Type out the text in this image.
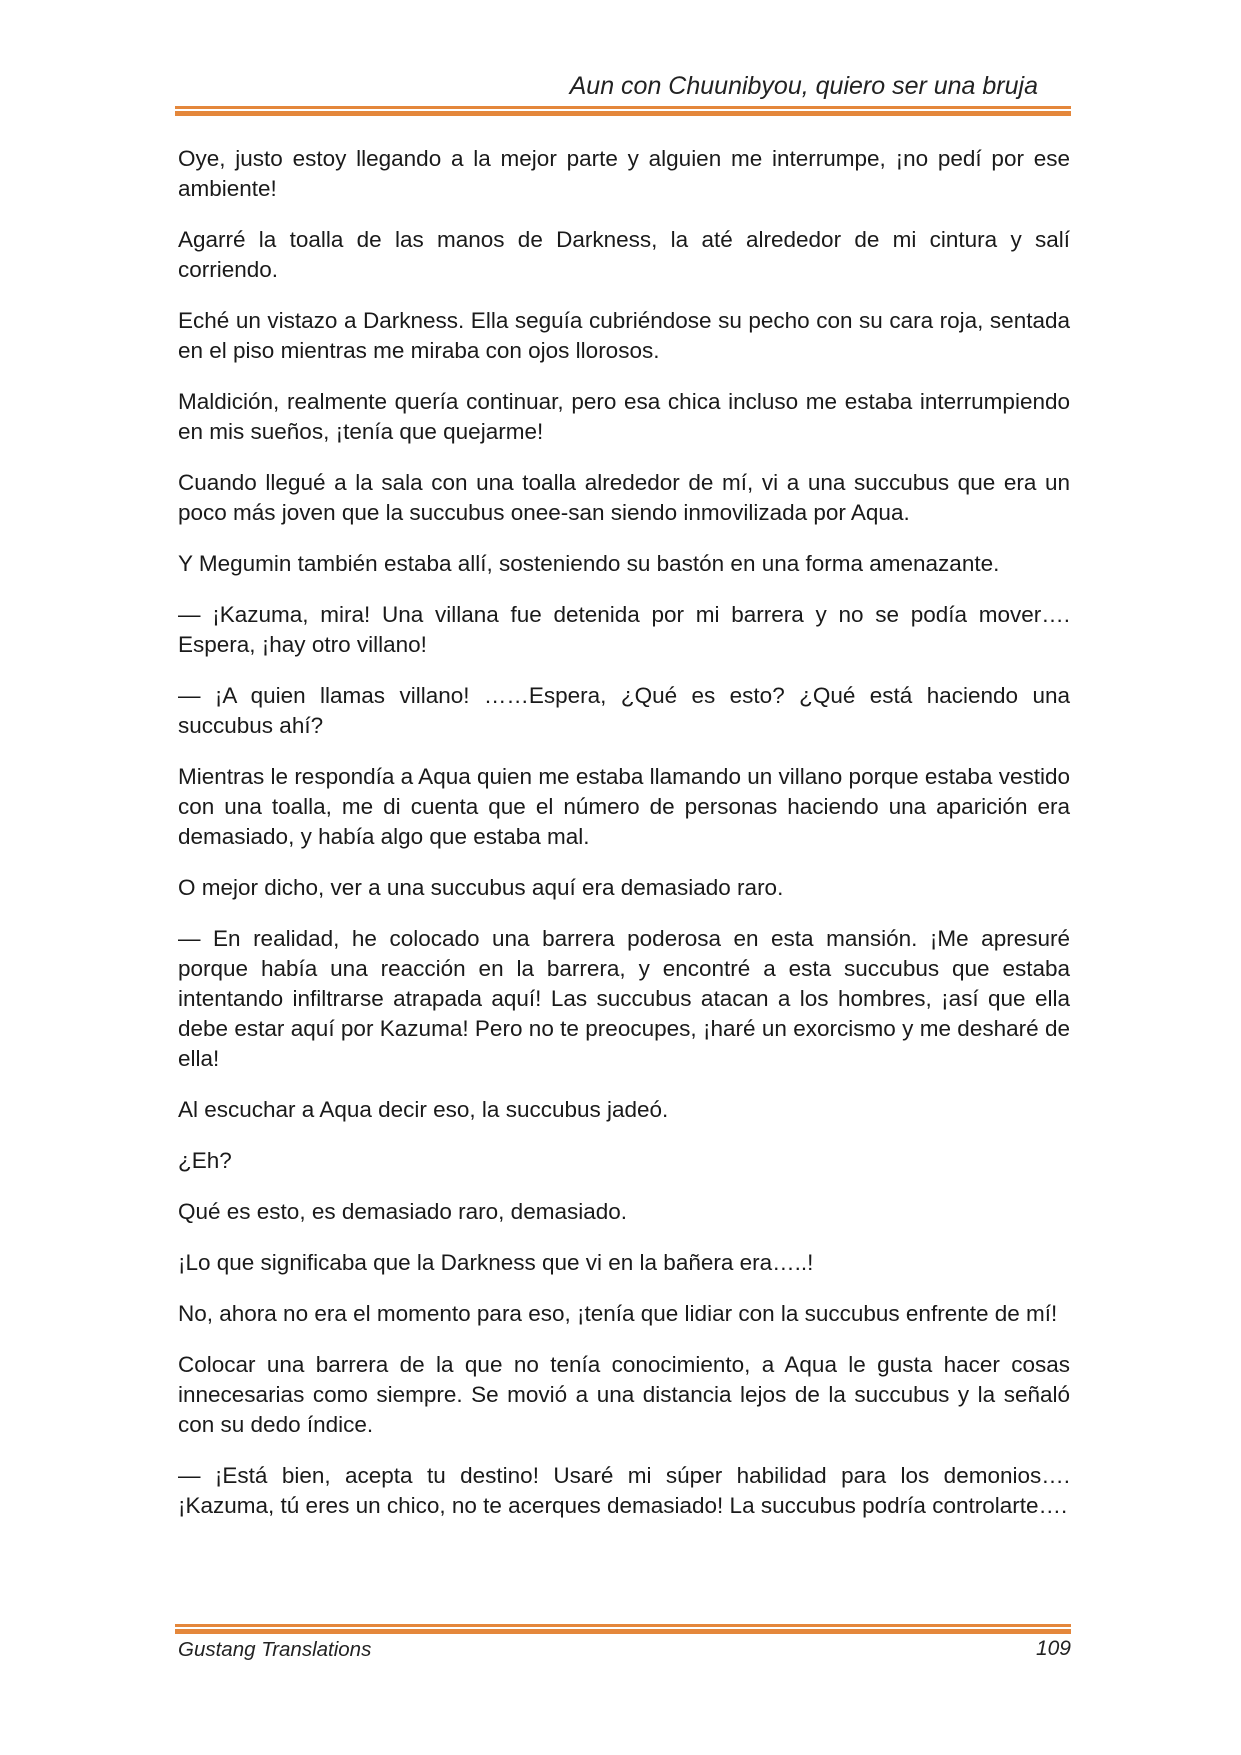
Aun con Chuunibyou, quiero ser una bruja

Oye, justo estoy llegando a la mejor parte y alguien me interrumpe, ¡no pedí por ese ambiente!

Agarré la toalla de las manos de Darkness, la até alrededor de mi cintura y salí corriendo.

Eché un vistazo a Darkness. Ella seguía cubriéndose su pecho con su cara roja, sentada en el piso mientras me miraba con ojos llorosos.

Maldición, realmente quería continuar, pero esa chica incluso me estaba interrumpiendo en mis sueños, ¡tenía que quejarme!

Cuando llegué a la sala con una toalla alrededor de mí, vi a una succubus que era un poco más joven que la succubus onee-san siendo inmovilizada por Aqua.

Y Megumin también estaba allí, sosteniendo su bastón en una forma amenazante.

— ¡Kazuma, mira! Una villana fue detenida por mi barrera y no se podía mover…. Espera, ¡hay otro villano!

— ¡A quien llamas villano! ……Espera, ¿Qué es esto? ¿Qué está haciendo una succubus ahí?

Mientras le respondía a Aqua quien me estaba llamando un villano porque estaba vestido con una toalla, me di cuenta que el número de personas haciendo una aparición era demasiado, y había algo que estaba mal.

O mejor dicho, ver a una succubus aquí era demasiado raro.

— En realidad, he colocado una barrera poderosa en esta mansión. ¡Me apresuré porque había una reacción en la barrera, y encontré a esta succubus que estaba intentando infiltrarse atrapada aquí! Las succubus atacan a los hombres, ¡así que ella debe estar aquí por Kazuma! Pero no te preocupes, ¡haré un exorcismo y me desharé de ella!

Al escuchar a Aqua decir eso, la succubus jadeó.

¿Eh?

Qué es esto, es demasiado raro, demasiado.

¡Lo que significaba que la Darkness que vi en la bañera era…..!

No, ahora no era el momento para eso, ¡tenía que lidiar con la succubus enfrente de mí!

Colocar una barrera de la que no tenía conocimiento, a Aqua le gusta hacer cosas innecesarias como siempre. Se movió a una distancia lejos de la succubus y la señaló con su dedo índice.

— ¡Está bien, acepta tu destino! Usaré mi súper habilidad para los demonios…. ¡Kazuma, tú eres un chico, no te acerques demasiado! La succubus podría controlarte….

Gustang Translations	109
